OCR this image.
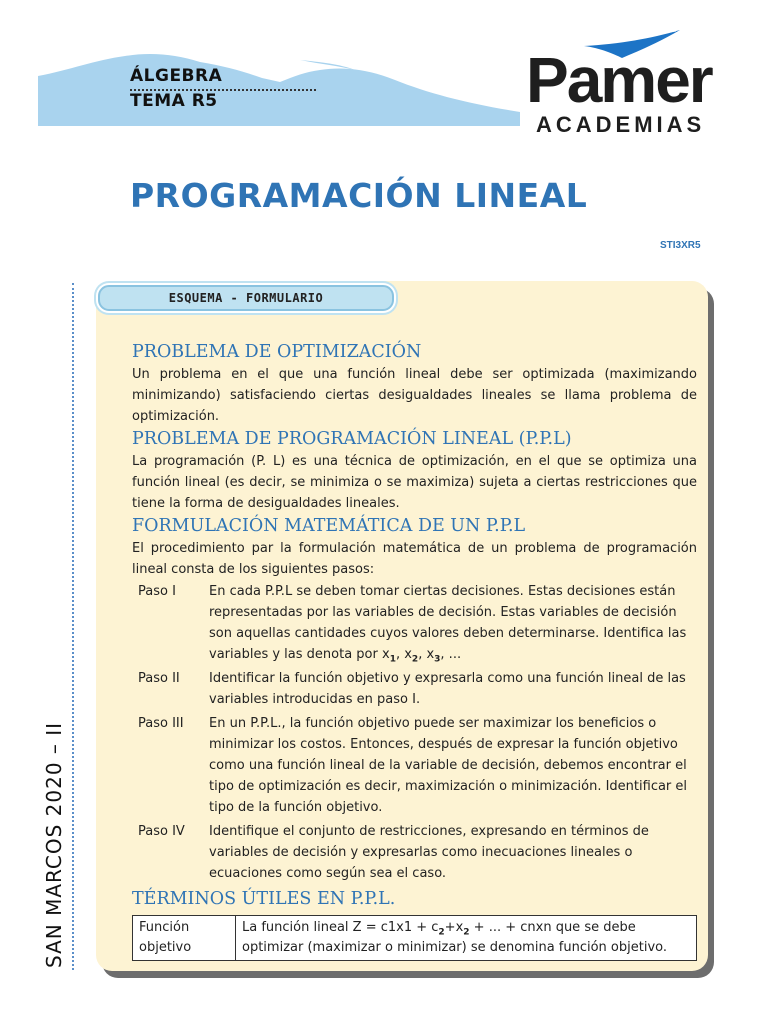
ÁLGEBRA
TEMA R5	Pamer
ACADEMIAS
PROGRAMACIÓN LINEAL
STI3XR5
SAN MARCOS 2020 – II
ESQUEMA - FORMULARIO
PROBLEMA DE OPTIMIZACIÓN

Un problema en el que una función lineal debe ser optimizada (maximizando minimizando) satisfaciendo ciertas desigualdades lineales se llama problema de optimización.

PROBLEMA DE PROGRAMACIÓN LINEAL (P.P.L)

La programación (P. L) es una técnica de optimización, en el que se optimiza una función lineal (es decir, se minimiza o se maximiza) sujeta a ciertas restricciones que tiene la forma de desigualdades lineales.

FORMULACIÓN MATEMÁTICA DE UN P.P.L

El procedimiento par la formulación matemática de un problema de programación lineal consta de los siguientes pasos:

Paso I	En cada P.P.L se deben tomar ciertas decisiones. Estas decisiones están representadas por las variables de decisión. Estas variables de decisión son aquellas cantidades cuyos valores deben determinarse. Identifica las variables y las denota por $x_1$, $x_2$, $x_3$, ...
Paso II	Identificar la función objetivo y expresarla como una función lineal de las variables introducidas en paso I.
Paso III	En un P.P.L., la función objetivo puede ser maximizar los beneficios o minimizar los costos. Entonces, después de expresar la función objetivo como una función lineal de la variable de decisión, debemos encontrar el tipo de optimización es decir, maximización o minimización. Identificar el tipo de la función objetivo.
Paso IV	Identifique el conjunto de restricciones, expresando en términos de variables de decisión y expresarlas como inecuaciones lineales o ecuaciones como según sea el caso.
TÉRMINOS ÚTILES EN P.P.L.
Función objetivo	La función lineal $Z = c1x1 + c_2+x_2$ + ... + cnxn que se debe optimizar (maximizar o minimizar) se denomina función objetivo.
